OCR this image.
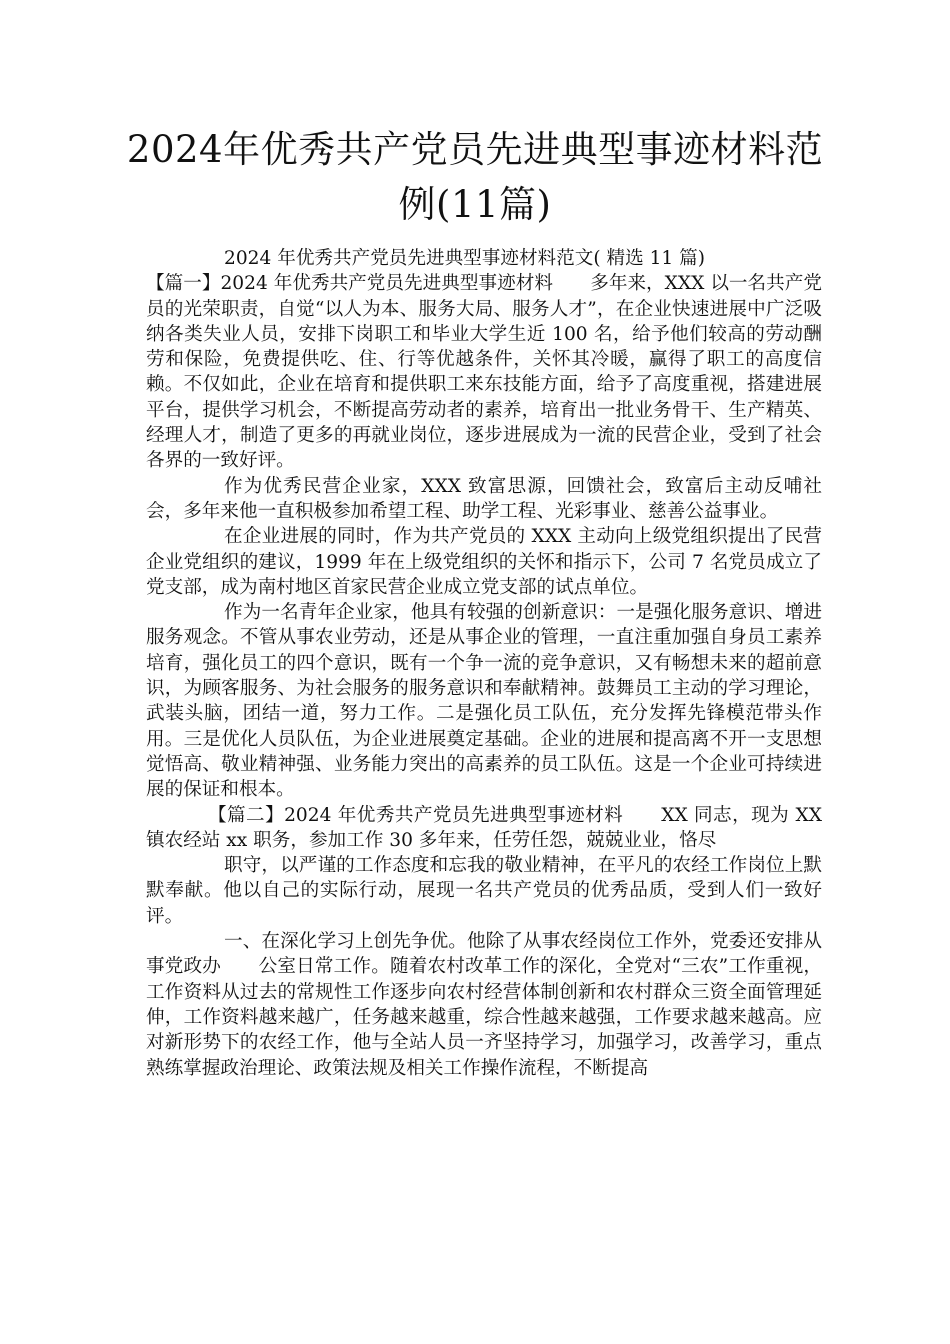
2024年优秀共产党员先进典型事迹材料范例(11篇)

2024 年优秀共产党员先进典型事迹材料范文( 精选 11 篇)

【篇一】2024 年优秀共产党员先进典型事迹材料　　多年来，XXX 以一名共产党员的光荣职责，自觉“以人为本、服务大局、服务人才”，在企业快速进展中广泛吸纳各类失业人员，安排下岗职工和毕业大学生近 100 名，给予他们较高的劳动酬劳和保险，免费提供吃、住、行等优越条件，关怀其冷暖，赢得了职工的高度信赖。不仅如此，企业在培育和提供职工来东技能方面，给予了高度重视，搭建进展平台，提供学习机会，不断提高劳动者的素养，培育出一批业务骨干、生产精英、经理人才，制造了更多的再就业岗位，逐步进展成为一流的民营企业，受到了社会各界的一致好评。

作为优秀民营企业家，XXX 致富思源，回馈社会，致富后主动反哺社会，多年来他一直积极参加希望工程、助学工程、光彩事业、慈善公益事业。

在企业进展的同时，作为共产党员的 XXX 主动向上级党组织提出了民营企业党组织的建议，1999 年在上级党组织的关怀和指示下，公司 7 名党员成立了党支部，成为南村地区首家民营企业成立党支部的试点单位。

作为一名青年企业家，他具有较强的创新意识：一是强化服务意识、增进服务观念。不管从事农业劳动，还是从事企业的管理，一直注重加强自身员工素养培育，强化员工的四个意识，既有一个争一流的竞争意识，又有畅想未来的超前意识，为顾客服务、为社会服务的服务意识和奉献精神。鼓舞员工主动的学习理论，武装头脑，团结一道，努力工作。二是强化员工队伍，充分发挥先锋模范带头作用。三是优化人员队伍，为企业进展奠定基础。企业的进展和提高离不开一支思想觉悟高、敬业精神强、业务能力突出的高素养的员工队伍。这是一个企业可持续进展的保证和根本。

【篇二】2024 年优秀共产党员先进典型事迹材料　　XX 同志，现为 XX 镇农经站 xx 职务，参加工作 30 多年来，任劳任怨，兢兢业业，恪尽

职守，以严谨的工作态度和忘我的敬业精神，在平凡的农经工作岗位上默默奉献。他以自己的实际行动，展现一名共产党员的优秀品质，受到人们一致好评。

一、在深化学习上创先争优。他除了从事农经岗位工作外，党委还安排从事党政办　　公室日常工作。随着农村改革工作的深化，全党对“三农”工作重视，工作资料从过去的常规性工作逐步向农村经营体制创新和农村群众三资全面管理延伸，工作资料越来越广，任务越来越重，综合性越来越强，工作要求越来越高。应对新形势下的农经工作，他与全站人员一齐坚持学习，加强学习，改善学习，重点熟练掌握政治理论、政策法规及相关工作操作流程，不断提高
